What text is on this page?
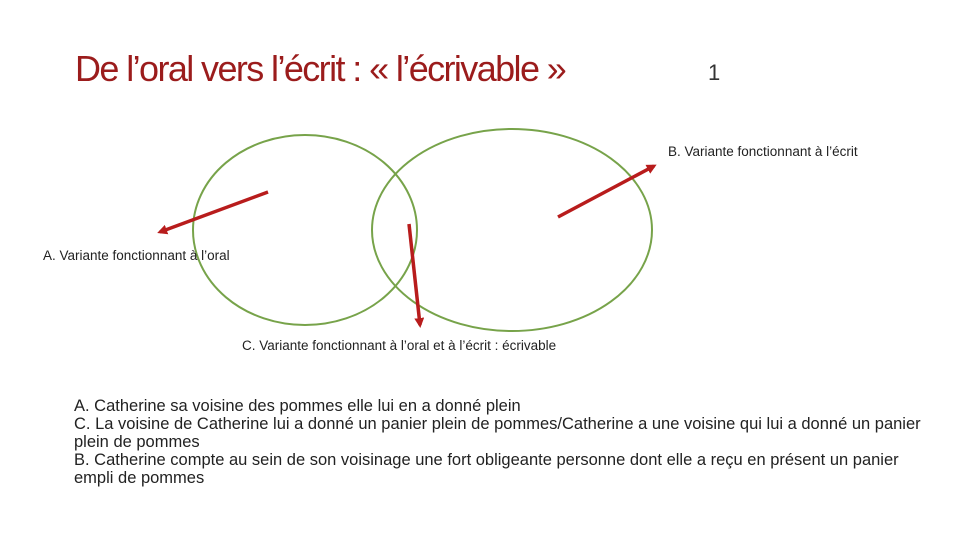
De l’oral vers l’écrit : « l’écrivable »	1
B. Variante fonctionnant à l’écrit
A. Variante fonctionnant à l’oral
C. Variante fonctionnant à l’oral et à l’écrit : écrivable

A. Catherine sa voisine des pommes elle lui en a donné plein

C. La voisine de Catherine lui a donné un panier plein de pommes/Catherine a une voisine qui lui a donné un panier plein de pommes

B. Catherine compte au sein de son voisinage une fort obligeante personne dont elle a reçu en présent un panier empli de pommes
